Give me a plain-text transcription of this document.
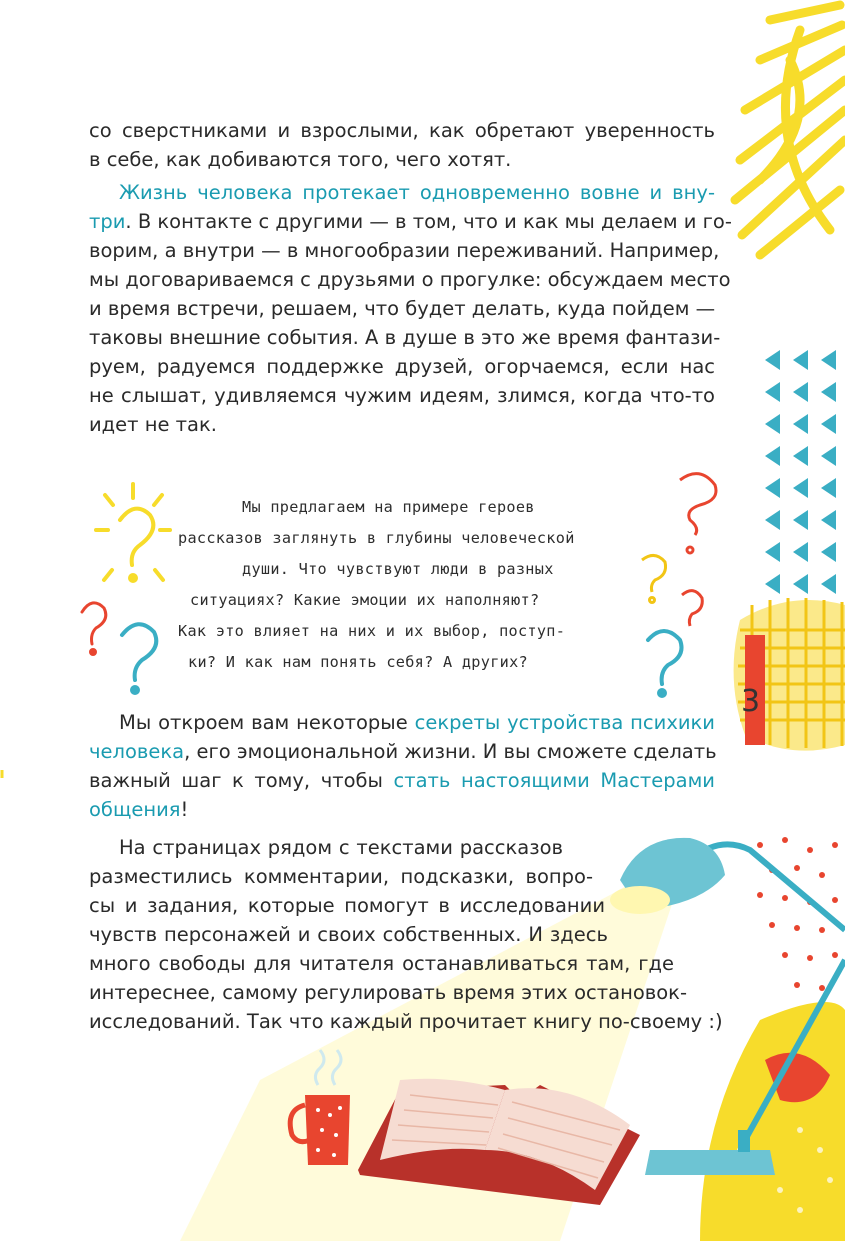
со сверстниками и взрослыми, как обретают уверенность
в себе, как добиваются того, чего хотят.
Жизнь человека протекает одновременно вовне и вну-
три. В контакте с другими — в том, что и как мы делаем и го-
ворим, а внутри — в многообразии переживаний. Например,
мы договариваемся с друзьями о прогулке: обсуждаем место
и время встречи, решаем, что будет делать, куда пойдем —
таковы внешние события. А в душе в это же время фантази-
руем, радуемся поддержке друзей, огорчаемся, если нас
не слышат, удивляемся чужим идеям, злимся, когда что-то
идет не так.
Мы предлагаем на примере героев
рассказов заглянуть в глубины человеческой
души. Что чувствуют люди в разных
ситуациях? Какие эмоции их наполняют?
Как это влияет на них и их выбор, поступ-
ки? И как нам понять себя? А других?
3
Мы откроем вам некоторые секреты устройства психики
человека, его эмоциональной жизни. И вы сможете сделать
важный шаг к тому, чтобы стать настоящими Мастерами
общения!
На страницах рядом с текстами рассказов
разместились комментарии, подсказки, вопро-
сы и задания, которые помогут в исследовании
чувств персонажей и своих собственных. И здесь
много свободы для читателя останавливаться там, где
интереснее, самому регулировать время этих остановок-
исследований. Так что каждый прочитает книгу по-своему :)
